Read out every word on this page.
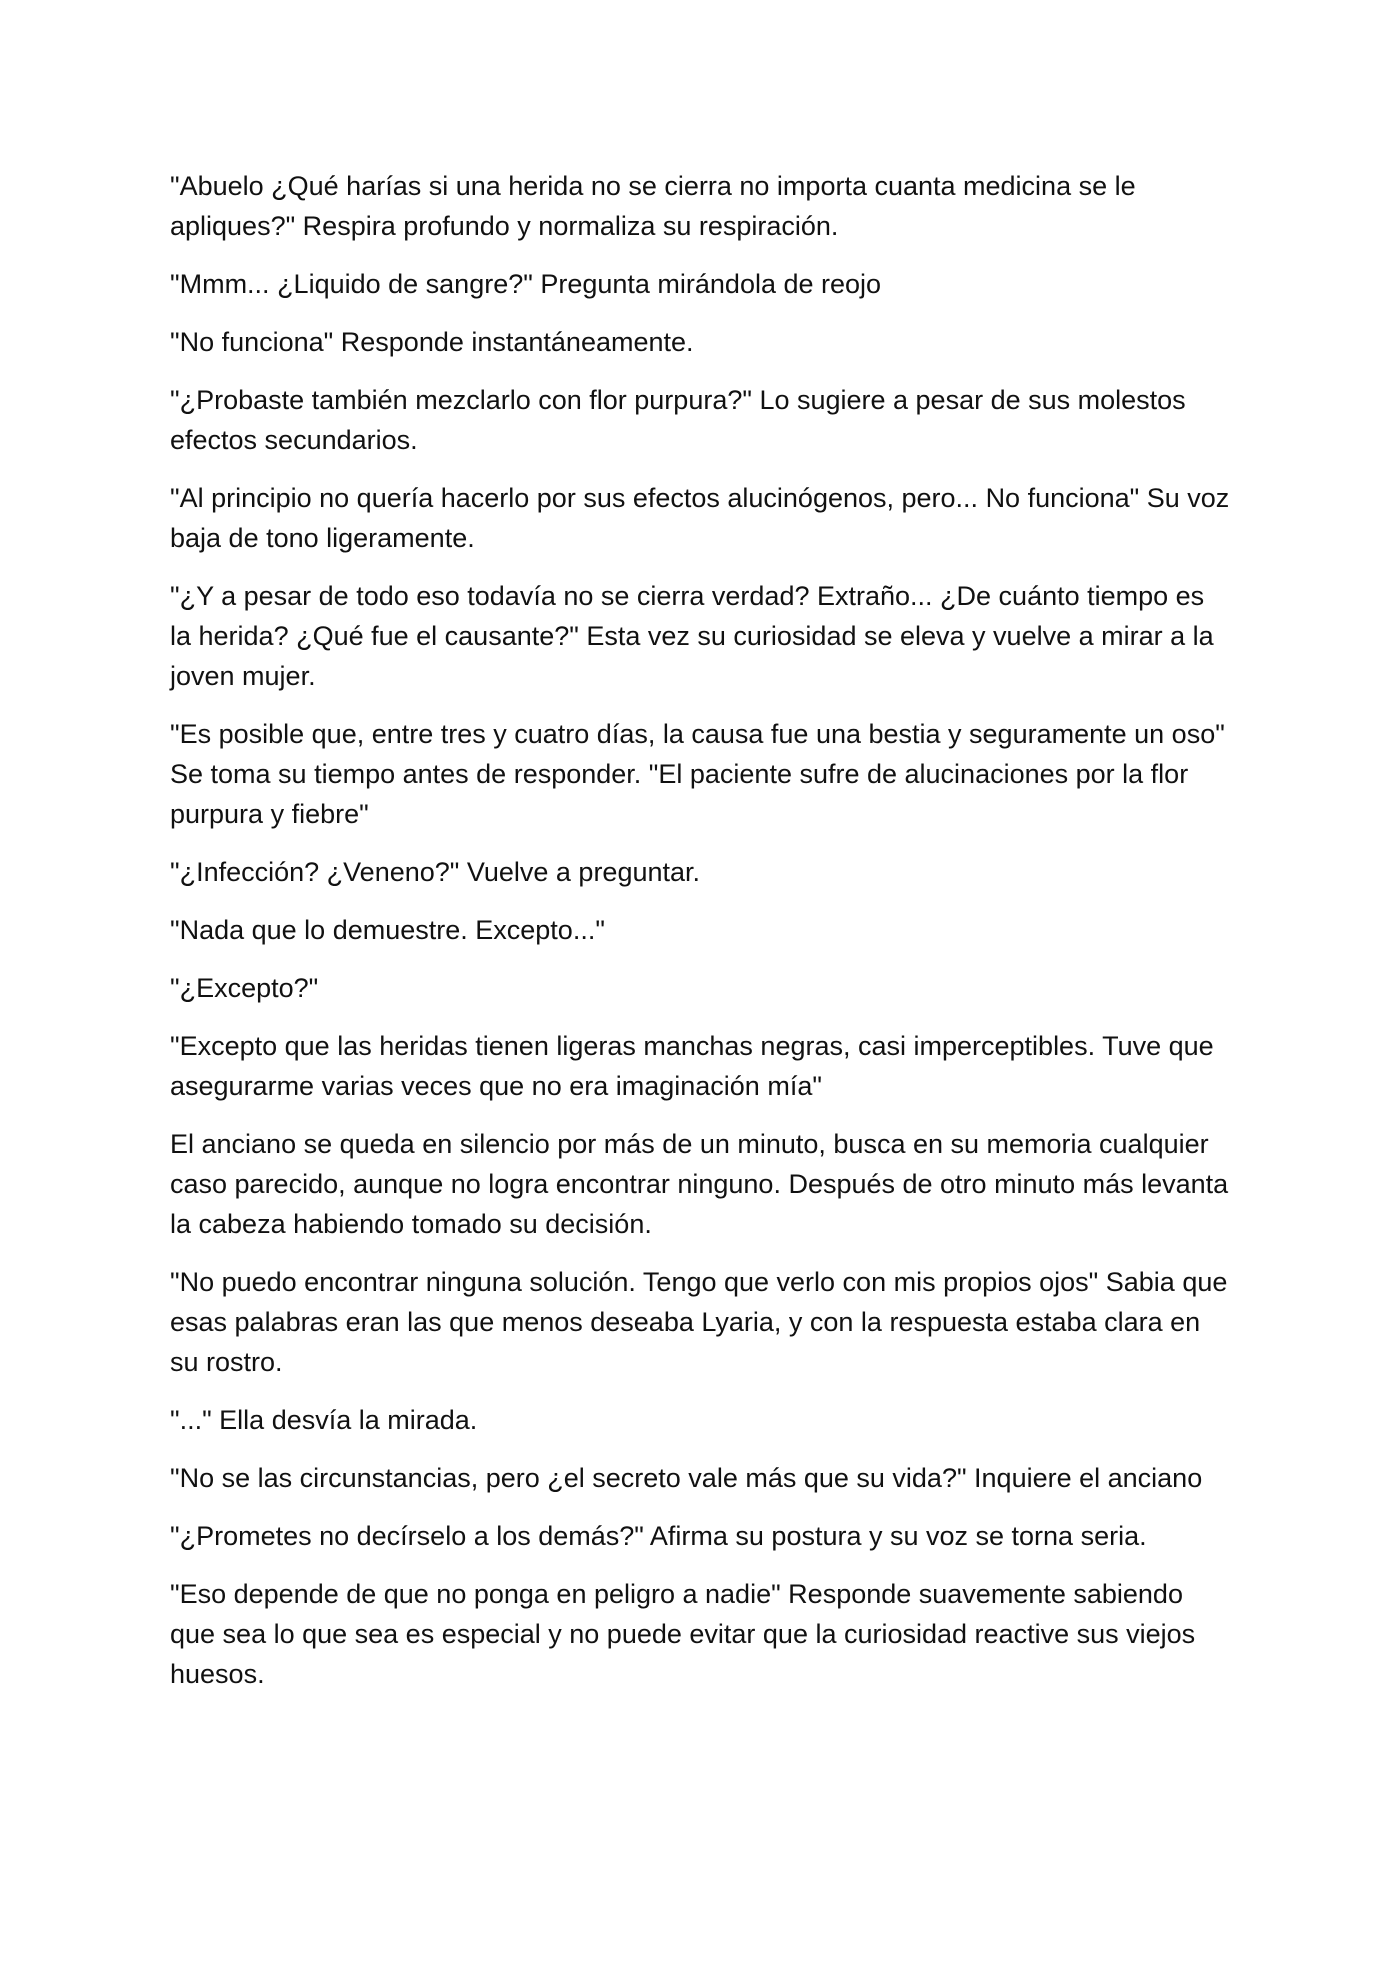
"Abuelo ¿Qué harías si una herida no se cierra no importa cuanta medicina se le apliques?" Respira profundo y normaliza su respiración.

"Mmm... ¿Liquido de sangre?" Pregunta mirándola de reojo

"No funciona" Responde instantáneamente.

"¿Probaste también mezclarlo con flor purpura?" Lo sugiere a pesar de sus molestos efectos secundarios.

"Al principio no quería hacerlo por sus efectos alucinógenos, pero... No funciona" Su voz baja de tono ligeramente.

"¿Y a pesar de todo eso todavía no se cierra verdad? Extraño... ¿De cuánto tiempo es la herida? ¿Qué fue el causante?" Esta vez su curiosidad se eleva y vuelve a mirar a la joven mujer.

"Es posible que, entre tres y cuatro días, la causa fue una bestia y seguramente un oso" Se toma su tiempo antes de responder. "El paciente sufre de alucinaciones por la flor purpura y fiebre"

"¿Infección? ¿Veneno?" Vuelve a preguntar.

"Nada que lo demuestre. Excepto..."

"¿Excepto?"

"Excepto que las heridas tienen ligeras manchas negras, casi imperceptibles. Tuve que asegurarme varias veces que no era imaginación mía"

El anciano se queda en silencio por más de un minuto, busca en su memoria cualquier caso parecido, aunque no logra encontrar ninguno. Después de otro minuto más levanta la cabeza habiendo tomado su decisión.

"No puedo encontrar ninguna solución. Tengo que verlo con mis propios ojos" Sabia que esas palabras eran las que menos deseaba Lyaria, y con la respuesta estaba clara en su rostro.

"..." Ella desvía la mirada.

"No se las circunstancias, pero ¿el secreto vale más que su vida?" Inquiere el anciano

"¿Prometes no decírselo a los demás?" Afirma su postura y su voz se torna seria.

"Eso depende de que no ponga en peligro a nadie" Responde suavemente sabiendo que sea lo que sea es especial y no puede evitar que la curiosidad reactive sus viejos huesos.
